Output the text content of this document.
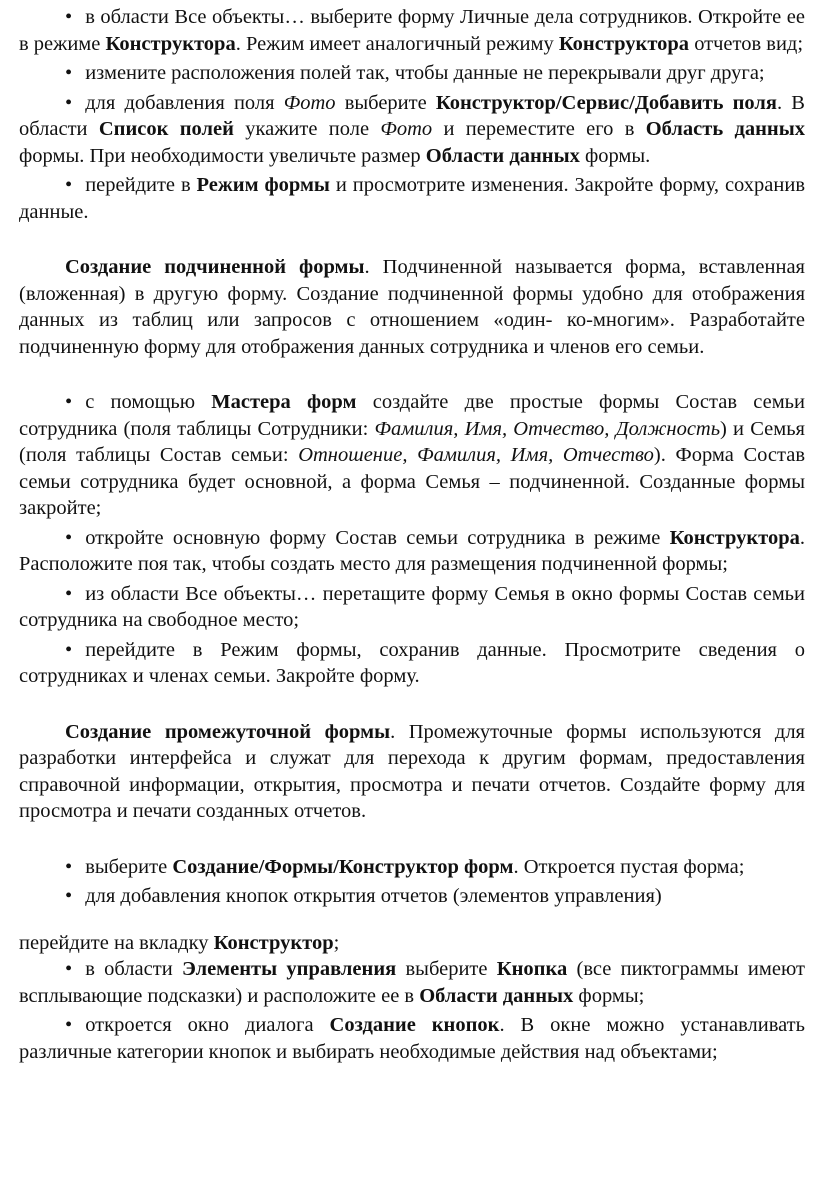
• в области Все объекты… выберите форму Личные дела сотрудников. Откройте ее в режиме Конструктора. Режим имеет аналогичный режиму Конструктора отчетов вид;

• измените расположения полей так, чтобы данные не перекрывали друг друга;

• для добавления поля Фото выберите Конструктор/Сервис/Добавить поля. В области Список полей укажите поле Фото и переместите его в Область данных формы. При необходимости увеличьте размер Области данных формы.

• перейдите в Режим формы и просмотрите изменения. Закройте форму, сохранив данные.

Создание подчиненной формы. Подчиненной называется форма, вставленная (вложенная) в другую форму. Создание подчиненной формы удобно для отображения данных из таблиц или запросов с отношением «один- ко-многим». Разработайте подчиненную форму для отображения данных сотрудника и членов его семьи.

• с помощью Мастера форм создайте две простые формы Состав семьи сотрудника (поля таблицы Сотрудники: Фамилия, Имя, Отчество, Должность) и Семья (поля таблицы Состав семьи: Отношение, Фамилия, Имя, Отчество). Форма Состав семьи сотрудника будет основной, а форма Семья – подчиненной. Созданные формы закройте;

• откройте основную форму Состав семьи сотрудника в режиме Конструктора. Расположите поя так, чтобы создать место для размещения подчиненной формы;

• из области Все объекты… перетащите форму Семья в окно формы Состав семьи сотрудника на свободное место;

• перейдите в Режим формы, сохранив данные. Просмотрите сведения о сотрудниках и членах семьи. Закройте форму.

Создание промежуточной формы. Промежуточные формы используются для разработки интерфейса и служат для перехода к другим формам, предоставления справочной информации, открытия, просмотра и печати отчетов. Создайте форму для просмотра и печати созданных отчетов.

• выберите Создание/Формы/Конструктор форм. Откроется пустая форма;

• для добавления кнопок открытия отчетов (элементов управления)

перейдите на вкладку Конструктор;

• в области Элементы управления выберите Кнопка (все пиктограммы имеют всплывающие подсказки) и расположите ее в Области данных формы;

• откроется окно диалога Создание кнопок. В окне можно устанавливать различные категории кнопок и выбирать необходимые действия над объектами;
